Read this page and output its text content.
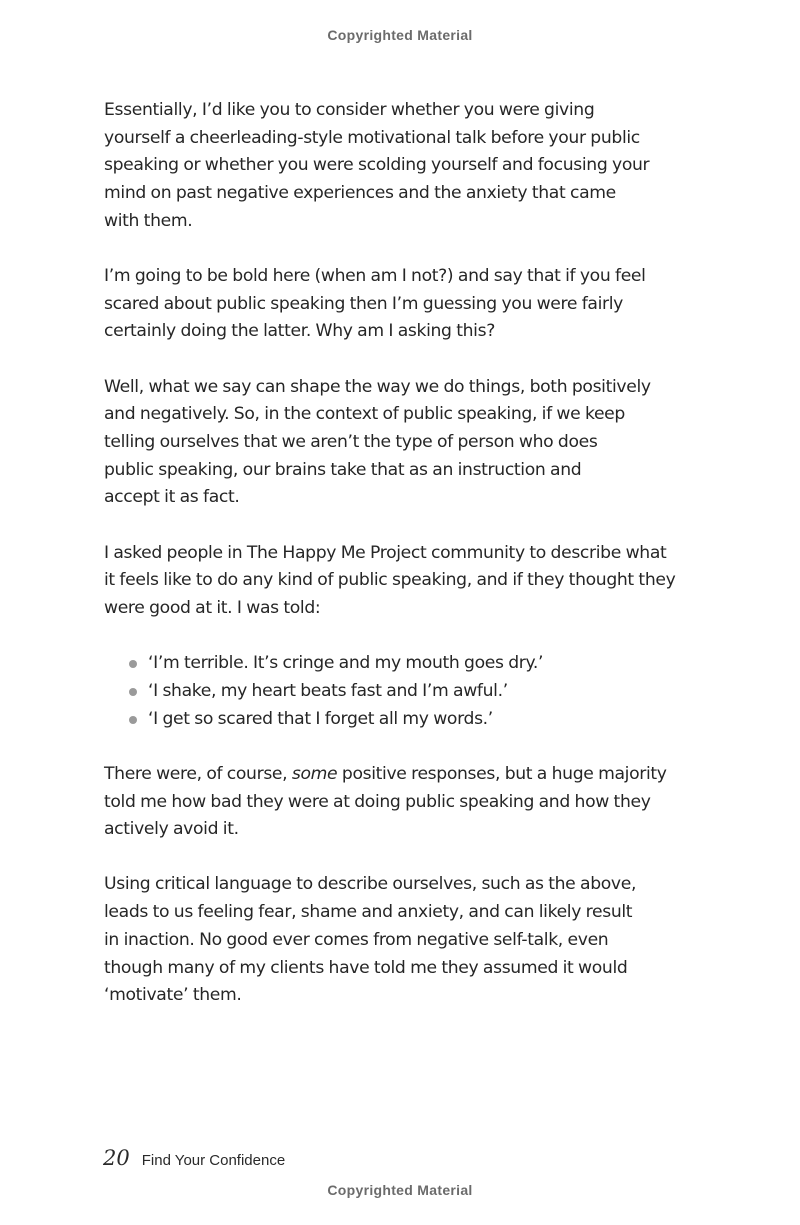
Copyrighted Material

Essentially, I’d like you to consider whether you were giving
yourself a cheerleading-style motivational talk before your public
speaking or whether you were scolding yourself and focusing your
mind on past negative experiences and the anxiety that came
with them.

I’m going to be bold here (when am I not?) and say that if you feel
scared about public speaking then I’m guessing you were fairly
certainly doing the latter. Why am I asking this?

Well, what we say can shape the way we do things, both positively
and negatively. So, in the context of public speaking, if we keep
telling ourselves that we aren’t the type of person who does
public speaking, our brains take that as an instruction and
accept it as fact.

I asked people in The Happy Me Project community to describe what
it feels like to do any kind of public speaking, and if they thought they
were good at it. I was told:

‘I’m terrible. It’s cringe and my mouth goes dry.’
‘I shake, my heart beats fast and I’m awful.’
‘I get so scared that I forget all my words.’

There were, of course, some positive responses, but a huge majority
told me how bad they were at doing public speaking and how they
actively avoid it.

Using critical language to describe ourselves, such as the above,
leads to us feeling fear, shame and anxiety, and can likely result
in inaction. No good ever comes from negative self-talk, even
though many of my clients have told me they assumed it would
‘motivate’ them.

20 Find Your Confidence
Copyrighted Material
